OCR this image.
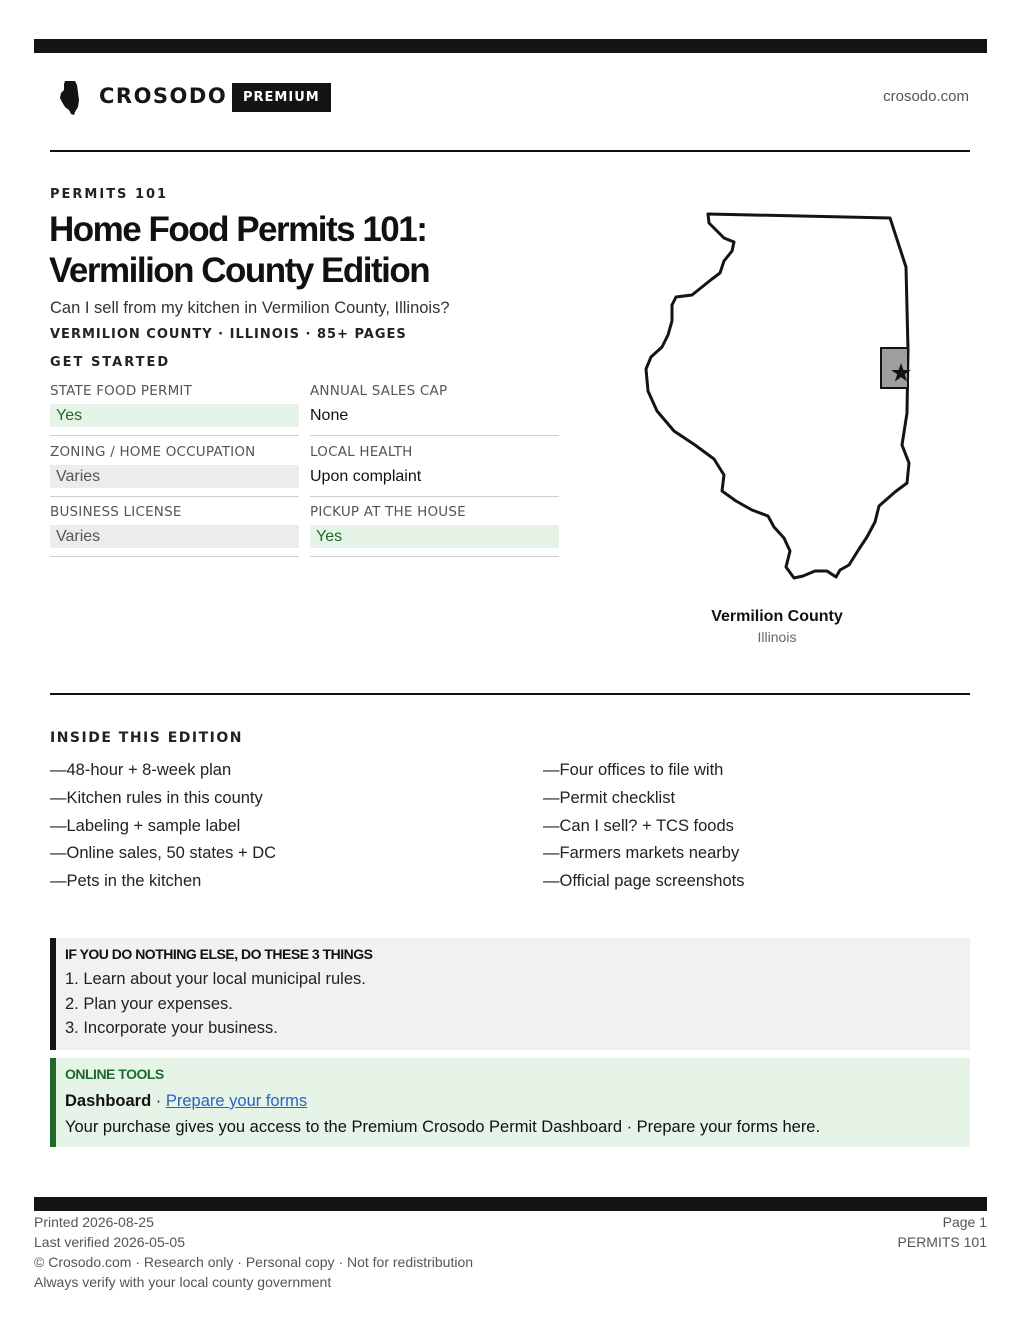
CROSODO	PREMIUM	crosodo.com
PERMITS 101
Home Food Permits 101:
Vermilion County Edition
Can I sell from my kitchen in Vermilion County, Illinois?
VERMILION COUNTY · ILLINOIS · 85+ PAGES
GET STARTED
STATE FOOD PERMIT
Yes
ANNUAL SALES CAP
None
ZONING / HOME OCCUPATION
Varies
LOCAL HEALTH
Upon complaint
BUSINESS LICENSE
Varies
PICKUP AT THE HOUSE
Yes
Vermilion County
Illinois
INSIDE THIS EDITION
—48-hour + 8-week plan
—Kitchen rules in this county
—Labeling + sample label
—Online sales, 50 states + DC
—Pets in the kitchen
—Four offices to file with
—Permit checklist
—Can I sell? + TCS foods
—Farmers markets nearby
—Official page screenshots
IF YOU DO NOTHING ELSE, DO THESE 3 THINGS
1. Learn about your local municipal rules.
2. Plan your expenses.
3. Incorporate your business.
ONLINE TOOLS
Dashboard · Prepare your forms
Your purchase gives you access to the Premium Crosodo Permit Dashboard · Prepare your forms here.
Printed 2026-08-25
Last verified 2026-05-05
© Crosodo.com · Research only · Personal copy · Not for redistribution
Always verify with your local county government
Page 1
PERMITS 101
